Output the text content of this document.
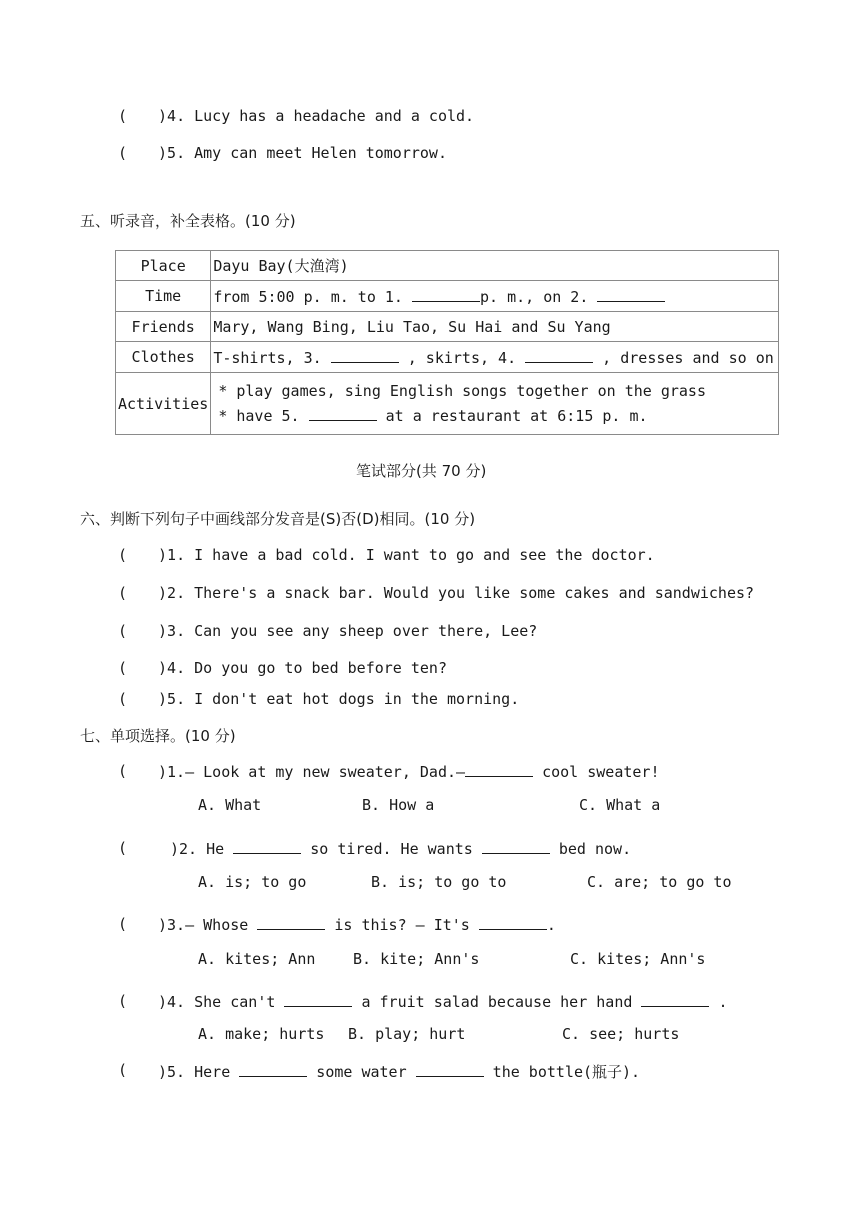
( )4. Lucy has a headache and a cold.
( )5. Amy can meet Helen tomorrow.
五、听录音，补全表格。(10 分)
Place	Dayu Bay(大渔湾)
Time	from 5:00 p. m. to 1. p. m., on 2.
Friends	Mary, Wang Bing, Liu Tao, Su Hai and Su Yang
Clothes	T-shirts, 3. , skirts, 4. , dresses and so on
Activities	* play games, sing English songs together on the grass
* have 5. at a restaurant at 6:15 p. m.
笔试部分(共 70 分)
六、判断下列句子中画线部分发音是(S)否(D)相同。(10 分)
( )1. I have a bad cold. I want to go and see the doctor.
( )2. There's a snack bar. Would you like some cakes and sandwiches?
( )3. Can you see any sheep over there, Lee?
( )4. Do you go to bed before ten?
( )5. I don't eat hot dogs in the morning.
七、单项选择。(10 分)
( )1.— Look at my new sweater, Dad.—	cool sweater!
A. What	B. How a	C. What a
(	)2. He	so tired. He wants	bed now.
A. is; to go	B. is; to go to	C. are; to go to
( )3.— Whose	is this? — It's	.
A. kites; Ann	B. kite; Ann's	C. kites; Ann's
( )4. She can't	a fruit salad because her hand	.
A. make; hurts B. play; hurt	C. see; hurts
( )5. Here	some water	the bottle(瓶子).
